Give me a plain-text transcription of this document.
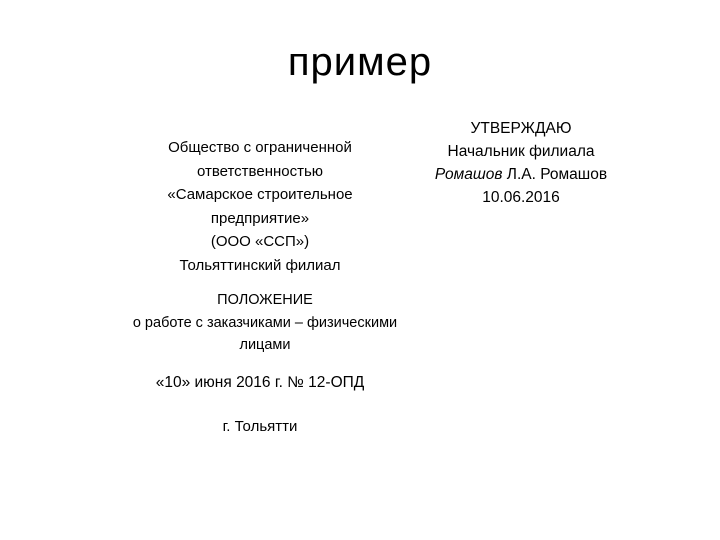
пример
Общество с ограниченной
ответственностью
«Самарское строительное
предприятие»
(ООО «ССП»)
Тольяттинский филиал
УТВЕРЖДАЮ
Начальник филиала
Ромашов Л.А. Ромашов
10.06.2016
ПОЛОЖЕНИЕ
о работе с заказчиками – физическими
лицами
«10» июня 2016 г. № 12-ОПД
г. Тольятти
